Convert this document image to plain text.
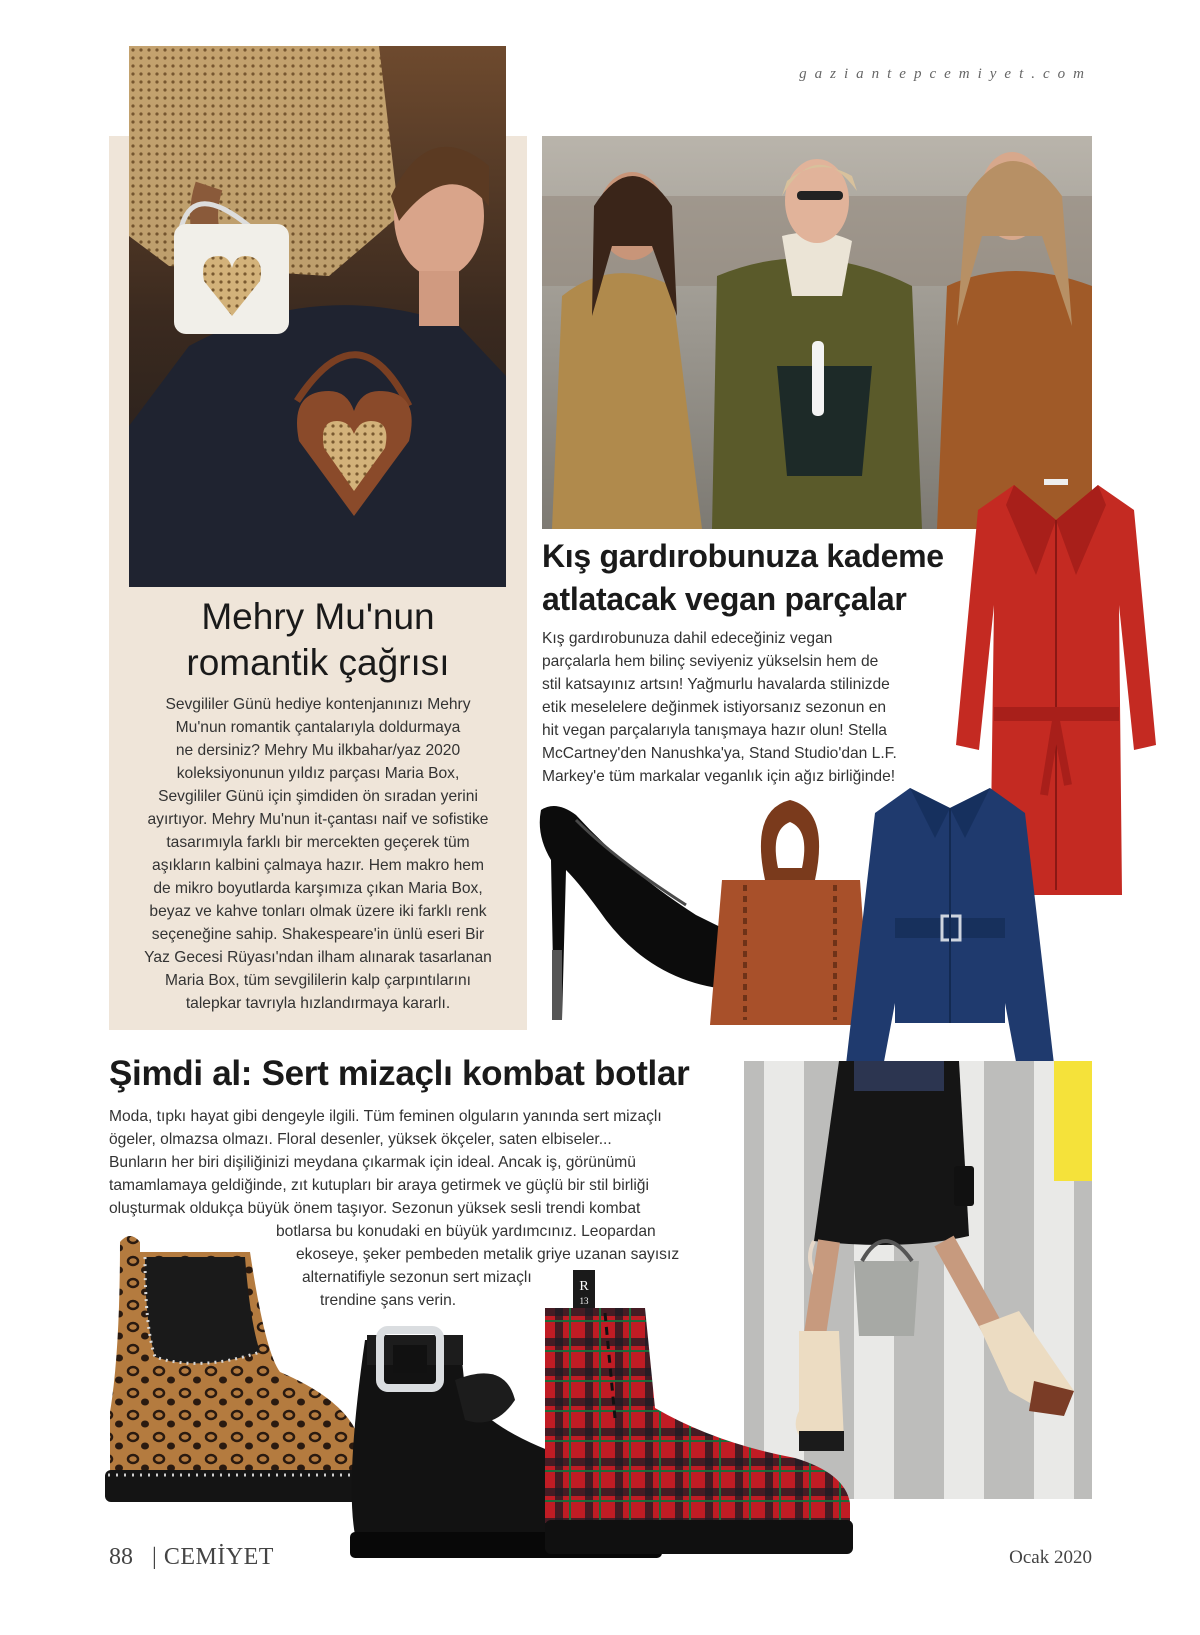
gaziantepcemiyet.com
Mehry Mu'nun
romantik çağrısı
Sevgililer Günü hediye kontenjanınızı Mehry
Mu'nun romantik çantalarıyla doldurmaya
ne dersiniz? Mehry Mu ilkbahar/yaz 2020
koleksiyonunun yıldız parçası Maria Box,
Sevgililer Günü için şimdiden ön sıradan yerini
ayırtıyor. Mehry Mu'nun it-çantası naif ve sofistike
tasarımıyla farklı bir mercekten geçerek tüm
aşıkların kalbini çalmaya hazır. Hem makro hem
de mikro boyutlarda karşımıza çıkan Maria Box,
beyaz ve kahve tonları olmak üzere iki farklı renk
seçeneğine sahip. Shakespeare'in ünlü eseri Bir
Yaz Gecesi Rüyası'ndan ilham alınarak tasarlanan
Maria Box, tüm sevgililerin kalp çarpıntılarını
talepkar tavrıyla hızlandırmaya kararlı.
Kış gardırobunuza kademe
atlatacak vegan parçalar
Kış gardırobunuza dahil edeceğiniz vegan
parçalarla hem bilinç seviyeniz yükselsin hem de
stil katsayınız artsın! Yağmurlu havalarda stilinizde
etik meselelere değinmek istiyorsanız sezonun en
hit vegan parçalarıyla tanışmaya hazır olun! Stella
McCartney'den Nanushka'ya, Stand Studio'dan L.F.
Markey'e tüm markalar veganlık için ağız birliğinde!
Şimdi al: Sert mizaçlı kombat botlar
Moda, tıpkı hayat gibi dengeyle ilgili. Tüm feminen olguların yanında sert mizaçlı
ögeler, olmazsa olmazı. Floral desenler, yüksek ökçeler, saten elbiseler...
Bunların her biri dişiliğinizi meydana çıkarmak için ideal. Ancak iş, görünümü
tamamlamaya geldiğinde, zıt kutupları bir araya getirmek ve güçlü bir stil birliği
oluşturmak oldukça büyük önem taşıyor. Sezonun yüksek sesli trendi kombat
botlarsa bu konudaki en büyük yardımcınız. Leopardan
ekoseye, şeker pembeden metalik griye uzanan sayısız
alternatifiyle sezonun sert mizaçlı
trendine şans verin.
R
13
88 | CEMİYET	Ocak 2020
